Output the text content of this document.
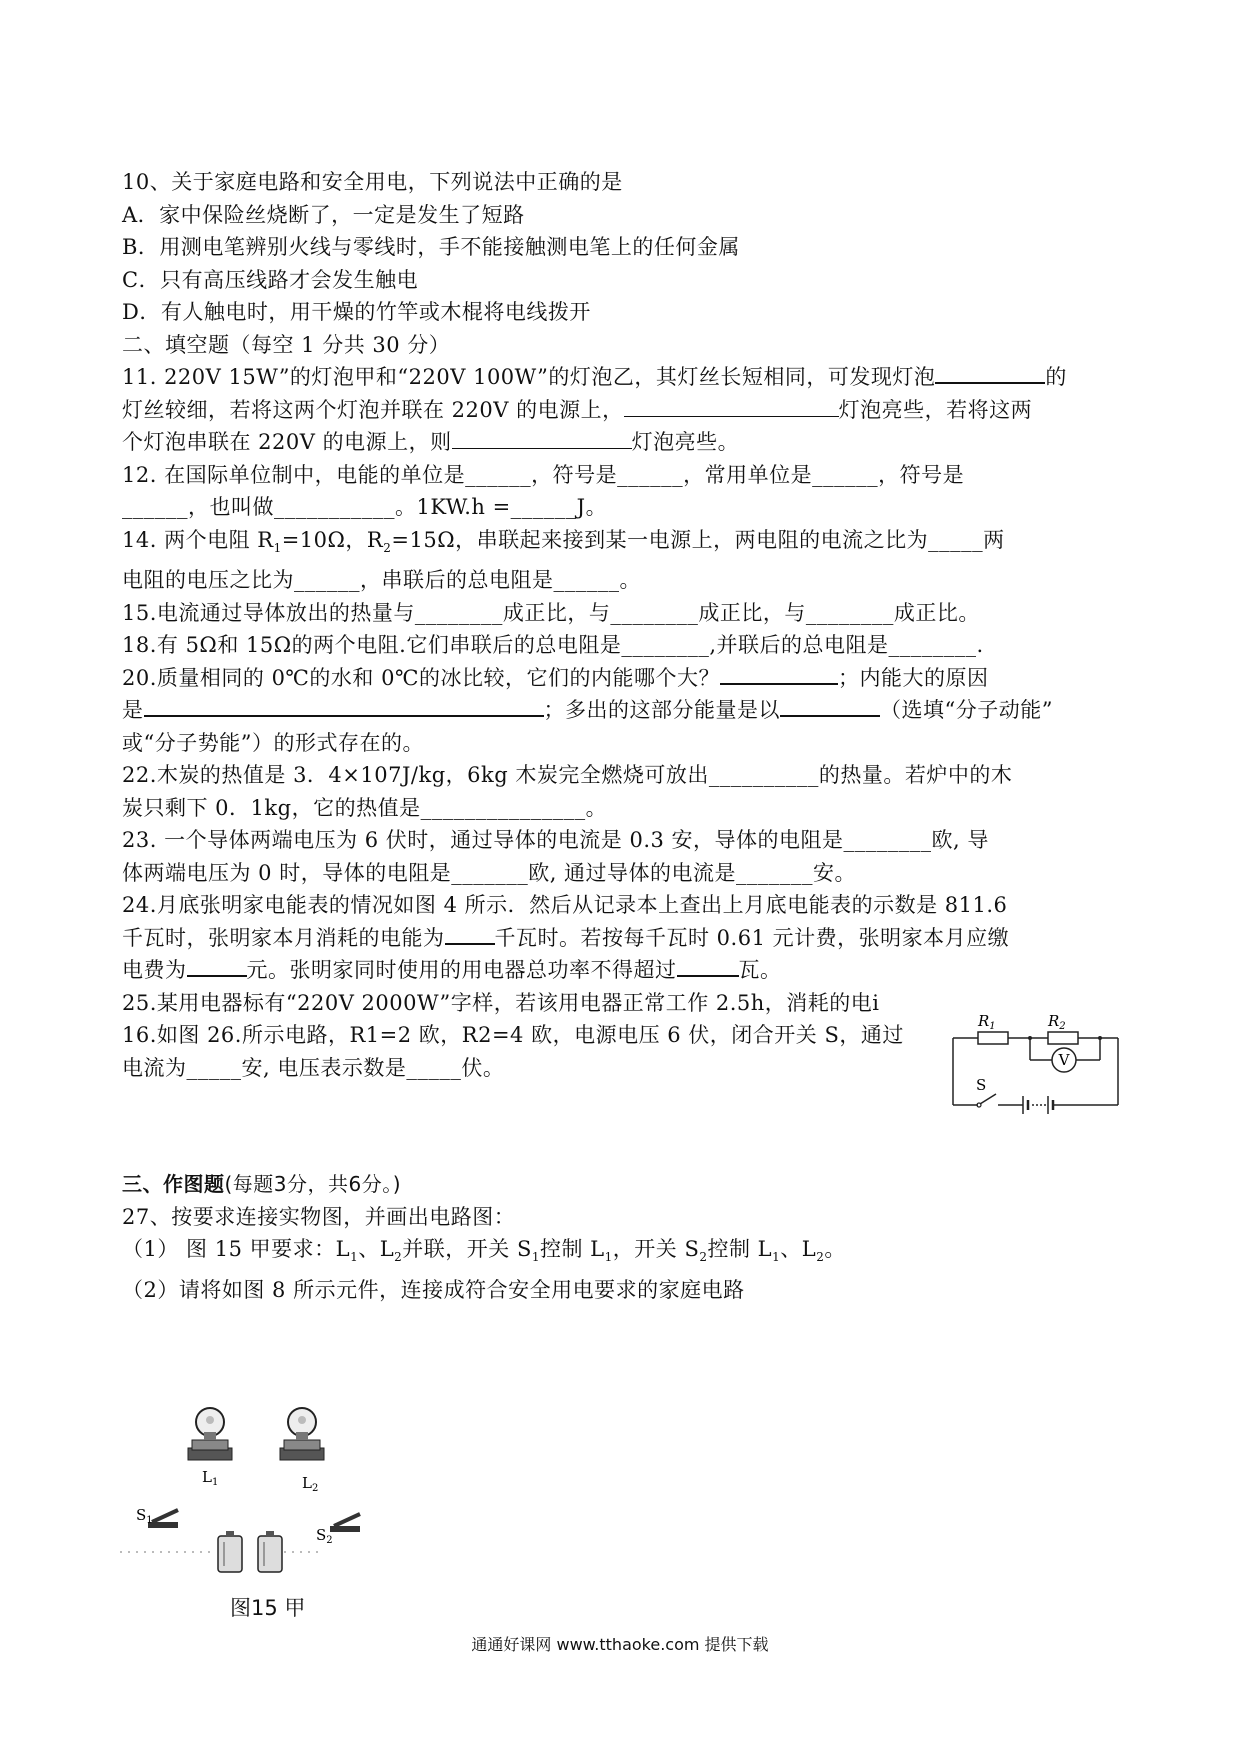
10、关于家庭电路和安全用电，下列说法中正确的是
A．家中保险丝烧断了，一定是发生了短路
B．用测电笔辨别火线与零线时，手不能接触测电笔上的任何金属
C．只有高压线路才会发生触电
D．有人触电时，用干燥的竹竿或木棍将电线拨开
二、填空题（每空 1 分共 30 分）
11. 220V 15W”的灯泡甲和“220V 100W”的灯泡乙，其灯丝长短相同，可发现灯泡	的
灯丝较细，若将这两个灯泡并联在 220V 的电源上，	灯泡亮些，若将这两
个灯泡串联在 220V 的电源上，则	灯泡亮些。
12. 在国际单位制中，电能的单位是______，符号是______，常用单位是______，符号是
______，也叫做___________。1KW.h =______J。
14. 两个电阻 $R_1=10\Omega$，$R_2=15\Omega$，串联起来接到某一电源上，两电阻的电流之比为_____两
电阻的电压之比为______，串联后的总电阻是______。
15.电流通过导体放出的热量与________成正比，与________成正比，与________成正比。
18.有 5Ω和 15Ω的两个电阻.它们串联后的总电阻是________,并联后的总电阻是________.
20.质量相同的 0℃的水和 0℃的冰比较，它们的内能哪个大？	；内能大的原因
是	；多出的这部分能量是以	（选填“分子动能”
或“分子势能”）的形式存在的。
22.木炭的热值是 3．4×107J/kg，6kg 木炭完全燃烧可放出__________的热量。若炉中的木
炭只剩下 0．1kg，它的热值是_______________。
23. 一个导体两端电压为 6 伏时，通过导体的电流是 0.3 安，导体的电阻是________欧, 导
体两端电压为 0 时，导体的电阻是_______欧, 通过导体的电流是_______安。
24.月底张明家电能表的情况如图 4 所示．然后从记录本上查出上月底电能表的示数是 811.6
千瓦时，张明家本月消耗的电能为 千瓦时。若按每千瓦时 0.61 元计费，张明家本月应缴
电费为	元。张明家同时使用的用电器总功率不得超过	瓦。
25.某用电器标有“220V 2000W”字样，若该用电器正常工作 2.5h，消耗的电i
16.如图 26.所示电路，R1=2 欧，R2=4 欧，电源电压 6 伏，闭合开关 S，通过
电流为_____安, 电压表示数是_____伏。	V
$R_1$	$R_2$
S
三、作图题(每题3分，共6分。)
27、按要求连接实物图，并画出电路图：
（1） 图 15 甲要求：$L_1$、$L_2$并联，开关 $S_1$控制 $L_1$，开关 $S_2$控制 $L_1$、$L_2$。
（2）请将如图 8 所示元件，连接成符合安全用电要求的家庭电路
$L_1$	$L_2$
$S_1$
$S_2$
图15 甲
通通好课网 www.tthaoke.com 提供下载
